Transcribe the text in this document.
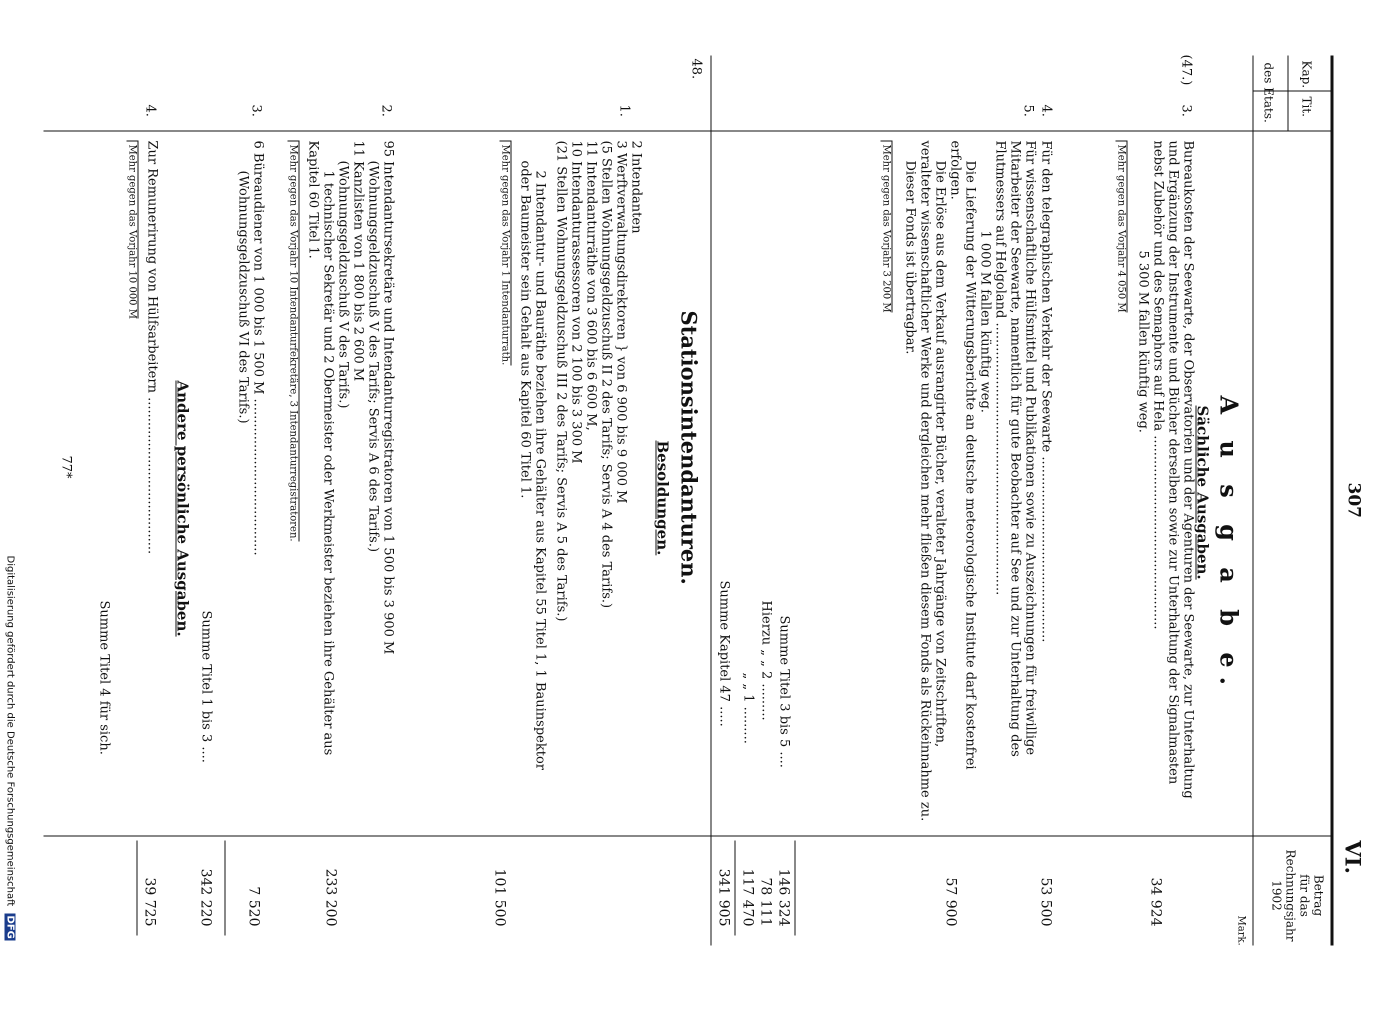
Digitalisierung gefördert durch die Deutsche Forschungsgemeinschaft DFG
307
VI.
Kap.
Tit.
des Etats.
Betrag
für das
Rechnungsjahr
1902
Mark.
A u s g a b e.
Sächliche Ausgaben.
(47.)
3.
Bureaukosten der Seewarte, der Observatorien und der Agenturen der Seewarte, zur Unterhaltung
und Ergänzung der Instrumente und Bücher derselben sowie zur Unterhaltung der Signalmasten
nebst Zubehör und des Semaphors auf Hela ...............................................
5 300 M fallen künftig weg.
Mehr gegen das Vorjahr 4 050 M
34 924
4.
Für den telegraphischen Verkehr der Seewarte .............................................
53 500
5.
Für wissenschaftliche Hülfsmittel und Publikationen sowie zu Auszeichnungen für freiwillige
Mitarbeiter der Seewarte, namentlich für gute Beobachter auf See und zur Unterhaltung des
Flutmessers auf Helgoland ..................................................................
1 000 M fallen künftig weg.
Die Lieferung der Witterungsberichte an deutsche meteorologische Institute darf kostenfrei
erfolgen.
Die Erlöse aus dem Verkauf ausrangirter Bücher, veralteter Jahrgänge von Zeitschriften,
veralteter wissenschaftlicher Werke und dergleichen mehr fließen diesem Fonds als Rückeinnahme zu.
Dieser Fonds ist übertragbar.
Mehr gegen das Vorjahr 3 200 M
57 900
Summe Titel 3 bis 5 ....
146 324
Hierzu „ „ 2 .........
78 111
„ „ 1 .........
117 470
Summe Kapitel 47 .....
341 905
48.
Stationsintendanturen.
Besoldungen.
1.
2 Intendanten
3 Werftverwaltungsdirektoren } von 6 900 bis 9 000 M
(5 Stellen Wohnungsgeldzuschuß II 2 des Tarifs; Servis A 4 des Tarifs.)
11 Intendanturräthe von 3 600 bis 6 600 M,
10 Intendanturassessoren von 2 100 bis 3 300 M
(21 Stellen Wohnungsgeldzuschuß III 2 des Tarifs; Servis A 5 des Tarifs.)
2 Intendantur- und Bauräthe beziehen ihre Gehälter aus Kapitel 55 Titel 1, 1 Bauinspektor
oder Baumeister sein Gehalt aus Kapitel 60 Titel 1.
Mehr gegen das Vorjahr 1 Intendanturrath.
101 500
2.
95 Intendantursekretäre und Intendanturregistratoren von 1 500 bis 3 900 M
(Wohnungsgeldzuschuß V des Tarifs; Servis A 6 des Tarifs.)
11 Kanzlisten von 1 800 bis 2 600 M
(Wohnungsgeldzuschuß V des Tarifs.)
1 technischer Sekretär und 2 Obermeister oder Werkmeister beziehen ihre Gehälter aus
Kapitel 60 Titel 1.
Mehr gegen das Vorjahr 10 Intendanturfekretäre, 3 Intendanturregistratoren.
233 200
3.
6 Büreaudiener von 1 000 bis 1 500 M ......................................
(Wohnungsgeldzuschuß VI des Tarifs.)
7 520
Summe Titel 1 bis 3 ....
342 220
Andere persönliche Ausgaben.
4.
Zur Remunerirung von Hülfsarbeitern ......................................
Mehr gegen das Vorjahr 10 000 M
39 725
Summe Titel 4 für sich.
77*
